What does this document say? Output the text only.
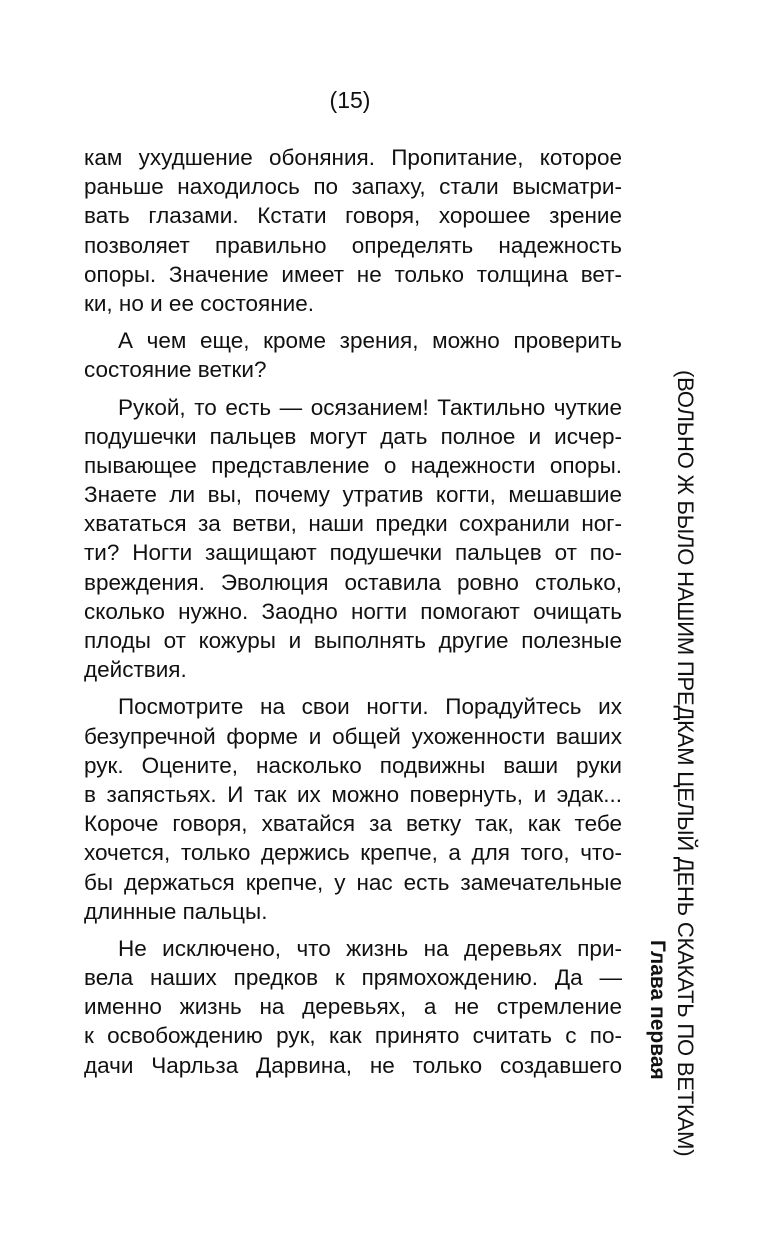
(15)

кам ухудшение обоняния. Пропитание, которое
раньше находилось по запаху, стали высматри-
вать глазами. Кстати говоря, хорошее зрение
позволяет правильно определять надежность
опоры. Значение имеет не только толщина вет-
ки, но и ее состояние.

А чем еще, кроме зрения, можно проверить
состояние ветки?

Рукой, то есть — осязанием! Тактильно чуткие
подушечки пальцев могут дать полное и исчер-
пывающее представление о надежности опоры.
Знаете ли вы, почему утратив когти, мешавшие
хвататься за ветви, наши предки сохранили ног-
ти? Ногти защищают подушечки пальцев от по-
вреждения. Эволюция оставила ровно столько,
сколько нужно. Заодно ногти помогают очищать
плоды от кожуры и выполнять другие полезные
действия.

Посмотрите на свои ногти. Порадуйтесь их
безупречной форме и общей ухоженности ваших
рук. Оцените, насколько подвижны ваши руки
в запястьях. И так их можно повернуть, и эдак...
Короче говоря, хватайся за ветку так, как тебе
хочется, только держись крепче, а для того, что-
бы держаться крепче, у нас есть замечательные
длинные пальцы.

Не исключено, что жизнь на деревьях при-
вела наших предков к прямохождению. Да —
именно жизнь на деревьях, а не стремление
к освобождению рук, как принято считать с по-
дачи Чарльза Дарвина, не только создавшего (ВОЛЬНО Ж БЫЛО НАШИМ ПРЕДКАМ ЦЕЛЫЙ ДЕНЬ СКАКАТЬ ПО ВЕТКАМ)
Глава первая
